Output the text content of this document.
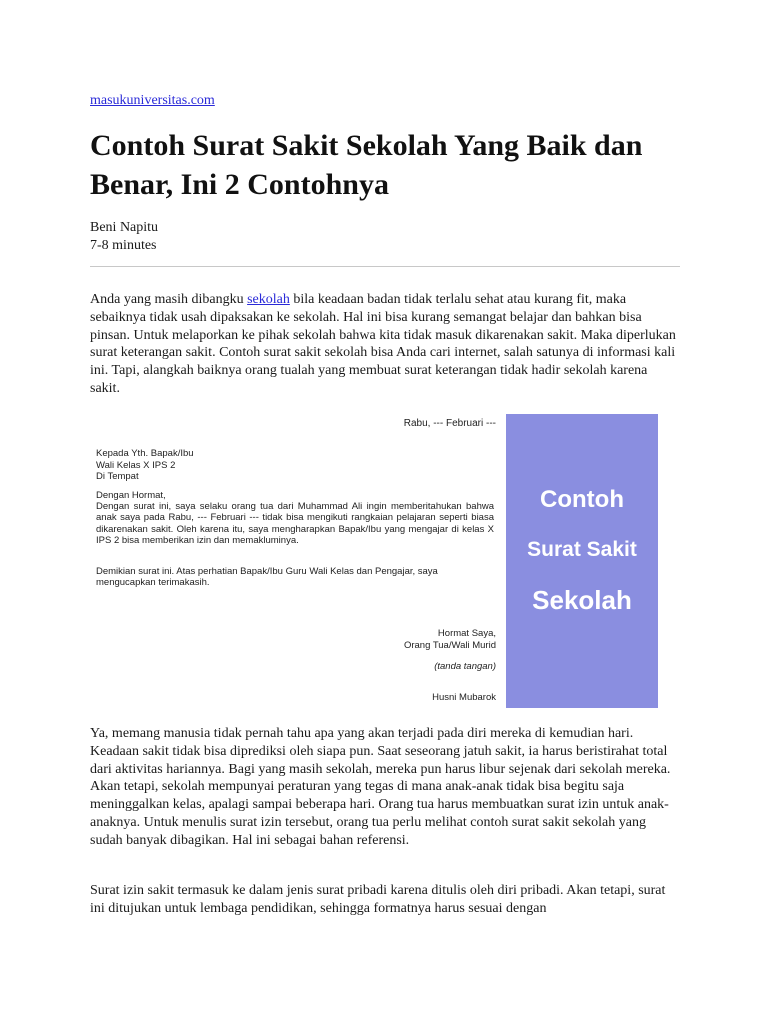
masukuniversitas.com
Contoh Surat Sakit Sekolah Yang Baik dan Benar, Ini 2 Contohnya
Beni Napitu
7-8 minutes

Anda yang masih dibangku sekolah bila keadaan badan tidak terlalu sehat atau kurang fit, maka sebaiknya tidak usah dipaksakan ke sekolah. Hal ini bisa kurang semangat belajar dan bahkan bisa pinsan. Untuk melaporkan ke pihak sekolah bahwa kita tidak masuk dikarenakan sakit. Maka diperlukan surat keterangan sakit. Contoh surat sakit sekolah bisa Anda cari internet, salah satunya di informasi kali ini. Tapi, alangkah baiknya orang tualah yang membuat surat keterangan tidak hadir sekolah karena sakit.

Rabu, --- Februari ---
Kepada Yth. Bapak/Ibu
Wali Kelas X IPS 2
Di Tempat
Dengan Hormat,
Dengan surat ini, saya selaku orang tua dari Muhammad Ali ingin memberitahukan bahwa anak saya pada Rabu, --- Februari --- tidak bisa mengikuti rangkaian pelajaran seperti biasa dikarenakan sakit. Oleh karena itu, saya mengharapkan Bapak/Ibu yang mengajar di kelas X IPS 2 bisa memberikan izin dan memakluminya.
Demikian surat ini. Atas perhatian Bapak/Ibu Guru Wali Kelas dan Pengajar, saya mengucapkan terimakasih.
Hormat Saya,
Orang Tua/Wali Murid
(tanda tangan)
Husni Mubarok
Contoh
Surat Sakit
Sekolah

Ya, memang manusia tidak pernah tahu apa yang akan terjadi pada diri mereka di kemudian hari. Keadaan sakit tidak bisa diprediksi oleh siapa pun. Saat seseorang jatuh sakit, ia harus beristirahat total dari aktivitas hariannya. Bagi yang masih sekolah, mereka pun harus libur sejenak dari sekolah mereka. Akan tetapi, sekolah mempunyai peraturan yang tegas di mana anak-anak tidak bisa begitu saja meninggalkan kelas, apalagi sampai beberapa hari. Orang tua harus membuatkan surat izin untuk anak-anaknya. Untuk menulis surat izin tersebut, orang tua perlu melihat contoh surat sakit sekolah yang sudah banyak dibagikan. Hal ini sebagai bahan referensi.

Surat izin sakit termasuk ke dalam jenis surat pribadi karena ditulis oleh diri pribadi. Akan tetapi, surat ini ditujukan untuk lembaga pendidikan, sehingga formatnya harus sesuai dengan
